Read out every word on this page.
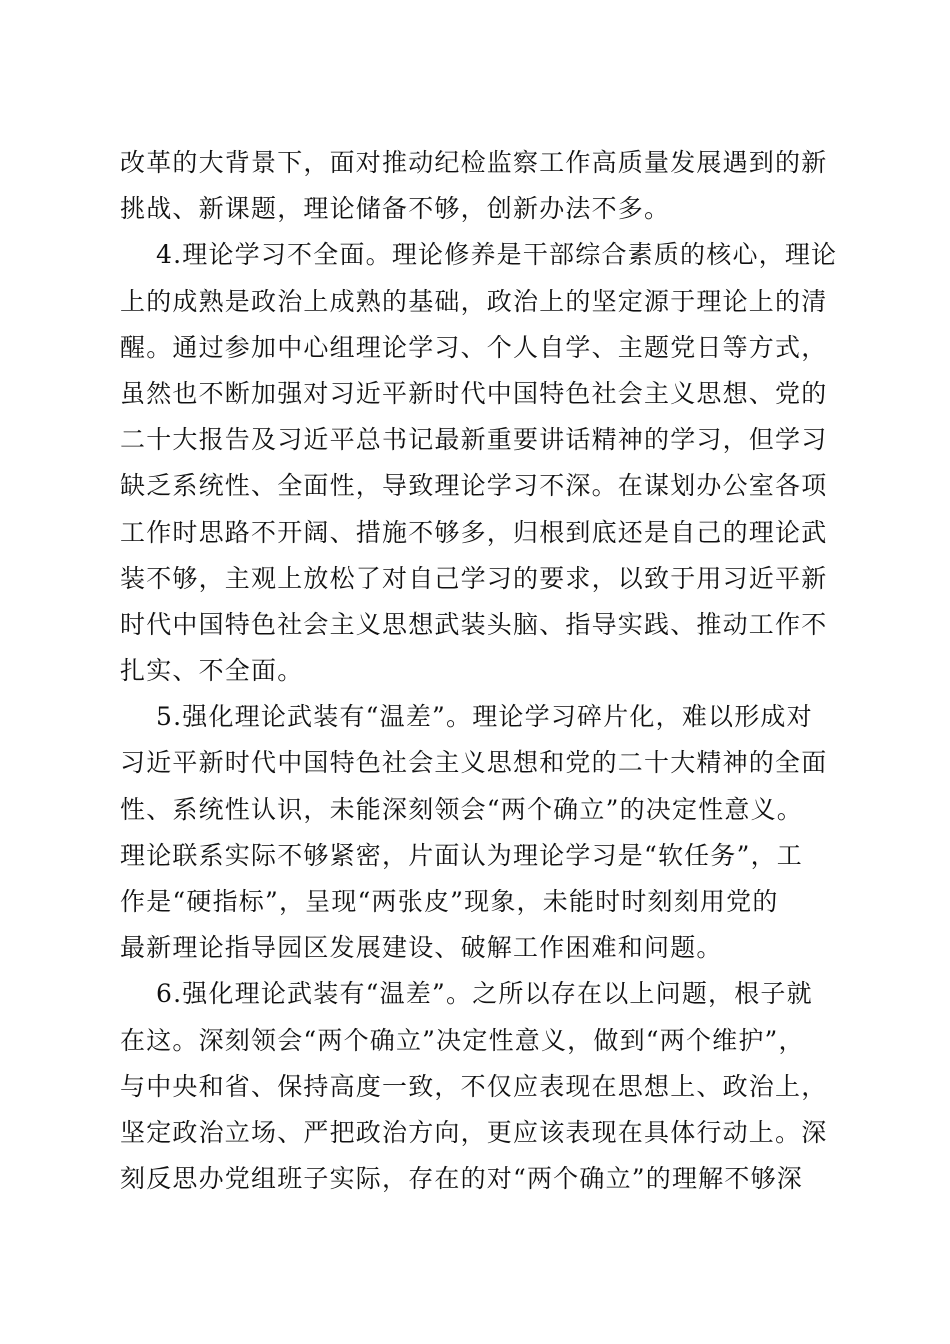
改革的大背景下，面对推动纪检监察工作高质量发展遇到的新
挑战、新课题，理论储备不够，创新办法不多。
4.理论学习不全面。理论修养是干部综合素质的核心，理论
上的成熟是政治上成熟的基础，政治上的坚定源于理论上的清
醒。通过参加中心组理论学习、个人自学、主题党日等方式，
虽然也不断加强对习近平新时代中国特色社会主义思想、党的
二十大报告及习近平总书记最新重要讲话精神的学习，但学习
缺乏系统性、全面性，导致理论学习不深。在谋划办公室各项
工作时思路不开阔、措施不够多，归根到底还是自己的理论武
装不够，主观上放松了对自己学习的要求，以致于用习近平新
时代中国特色社会主义思想武装头脑、指导实践、推动工作不
扎实、不全面。
5.强化理论武装有“温差”。理论学习碎片化，难以形成对
习近平新时代中国特色社会主义思想和党的二十大精神的全面
性、系统性认识，未能深刻领会“两个确立”的决定性意义。
理论联系实际不够紧密，片面认为理论学习是“软任务”，工
作是“硬指标”，呈现“两张皮”现象，未能时时刻刻用党的
最新理论指导园区发展建设、破解工作困难和问题。
6.强化理论武装有“温差”。之所以存在以上问题，根子就
在这。深刻领会“两个确立”决定性意义，做到“两个维护”，
与中央和省、保持高度一致，不仅应表现在思想上、政治上，
坚定政治立场、严把政治方向，更应该表现在具体行动上。深
刻反思办党组班子实际，存在的对“两个确立”的理解不够深
